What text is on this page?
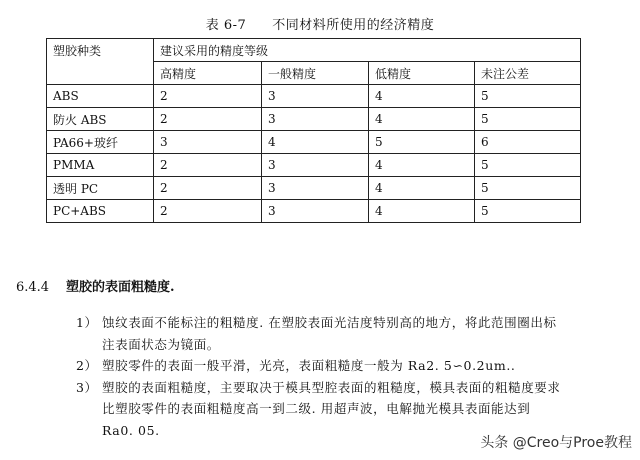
表 6-7 不同材料所使用的经济精度
塑胶种类	建议采用的精度等级			
	高精度	一般精度	低精度	未注公差
ABS	2	3	4	5
防火 ABS	2	3	4	5
PA66+玻纤	3	4	5	6
PMMA	2	3	4	5
透明 PC	2	3	4	5
PC+ABS	2	3	4	5
6.4.4 塑胶的表面粗糙度.
1） 蚀纹表面不能标注的粗糙度. 在塑胶表面光洁度特别高的地方，将此范围圈出标
注表面状态为镜面。
2） 塑胶零件的表面一般平滑，光亮，表面粗糙度一般为 Ra2. 5∽0.2um..
3） 塑胶的表面粗糙度，主要取决于模具型腔表面的粗糙度，模具表面的粗糙度要求
比塑胶零件的表面粗糙度高一到二级. 用超声波，电解抛光模具表面能达到
Ra0. 05.
头条 @Creo与Proe教程
